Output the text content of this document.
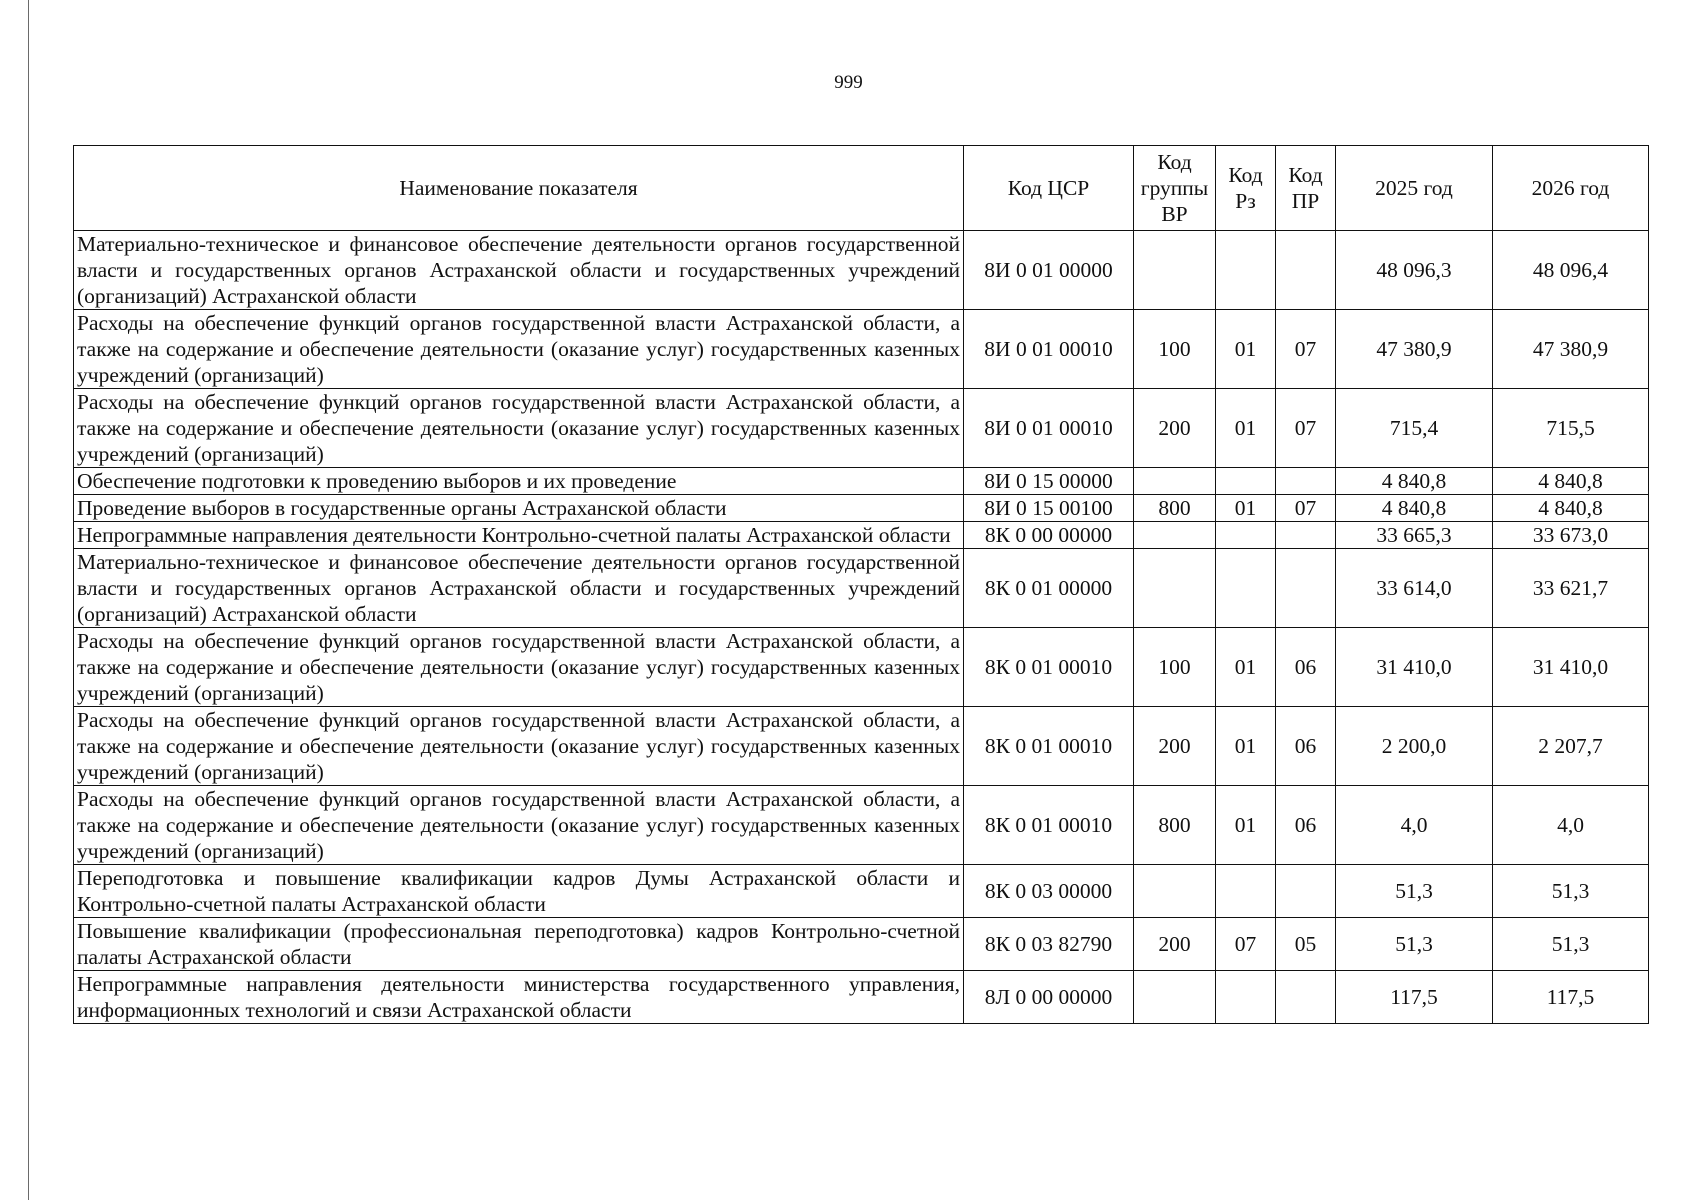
999
Наименование показателя	Код ЦСР	Код группы ВР	Код Рз	Код ПР	2025 год	2026 год
Материально-техническое и финансовое обеспечение деятельности органов государственной власти и государственных органов Астраханской области и государственных учреждений (организаций) Астраханской области	8И 0 01 00000				48 096,3	48 096,4
Расходы на обеспечение функций органов государственной власти Астраханской области, а также на содержание и обеспечение деятельности (оказание услуг) государственных казенных учреждений (организаций)	8И 0 01 00010	100	01	07	47 380,9	47 380,9
Расходы на обеспечение функций органов государственной власти Астраханской области, а также на содержание и обеспечение деятельности (оказание услуг) государственных казенных учреждений (организаций)	8И 0 01 00010	200	01	07	715,4	715,5
Обеспечение подготовки к проведению выборов и их проведение	8И 0 15 00000				4 840,8	4 840,8
Проведение выборов в государственные органы Астраханской области	8И 0 15 00100	800	01	07	4 840,8	4 840,8
Непрограммные направления деятельности Контрольно-счетной палаты Астраханской области	8К 0 00 00000				33 665,3	33 673,0
Материально-техническое и финансовое обеспечение деятельности органов государственной власти и государственных органов Астраханской области и государственных учреждений (организаций) Астраханской области	8К 0 01 00000				33 614,0	33 621,7
Расходы на обеспечение функций органов государственной власти Астраханской области, а также на содержание и обеспечение деятельности (оказание услуг) государственных казенных учреждений (организаций)	8К 0 01 00010	100	01	06	31 410,0	31 410,0
Расходы на обеспечение функций органов государственной власти Астраханской области, а также на содержание и обеспечение деятельности (оказание услуг) государственных казенных учреждений (организаций)	8К 0 01 00010	200	01	06	2 200,0	2 207,7
Расходы на обеспечение функций органов государственной власти Астраханской области, а также на содержание и обеспечение деятельности (оказание услуг) государственных казенных учреждений (организаций)	8К 0 01 00010	800	01	06	4,0	4,0
Переподготовка и повышение квалификации кадров Думы Астраханской области и Контрольно-счетной палаты Астраханской области	8К 0 03 00000				51,3	51,3
Повышение квалификации (профессиональная переподготовка) кадров Контрольно-счетной палаты Астраханской области	8К 0 03 82790	200	07	05	51,3	51,3
Непрограммные направления деятельности министерства государственного управления, информационных технологий и связи Астраханской области	8Л 0 00 00000				117,5	117,5
